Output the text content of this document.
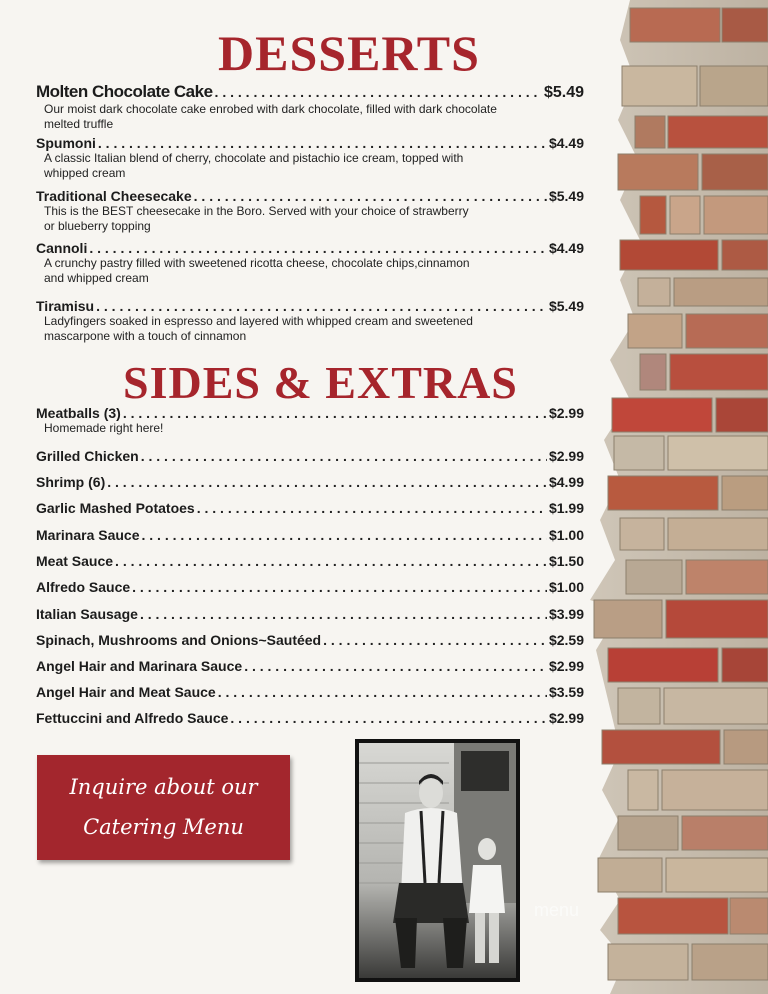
DESSERTS
Molten Chocolate Cake . . .	$5.49
Our moist dark chocolate cake enrobed with dark chocolate, filled with dark chocolate
melted truffle
Spumoni . . .	$4.49
A classic Italian blend of cherry, chocolate and pistachio ice cream, topped with
whipped cream
Traditional Cheesecake . . .	$5.49
This is the BEST cheesecake in the Boro. Served with your choice of strawberry
or blueberry topping
Cannoli . . .	$4.49
A crunchy pastry filled with sweetened ricotta cheese, chocolate chips,cinnamon
and whipped cream
Tiramisu . . .	$5.49
Ladyfingers soaked in espresso and layered with whipped cream and sweetened
mascarpone with a touch of cinnamon
SIDES & EXTRAS
Meatballs (3) . . .	$2.99
Homemade right here!
Grilled Chicken . . .	$2.99
Shrimp (6) . . .	$4.99
Garlic Mashed Potatoes . . .	$1.99
Marinara Sauce . . .	$1.00
Meat Sauce . . .	$1.50
Alfredo Sauce . . .	$1.00
Italian Sausage . . .	$3.99
Spinach, Mushrooms and Onions~Sautéed . . .	$2.59
Angel Hair and Marinara Sauce . . .	$2.99
Angel Hair and Meat Sauce . . .	$3.59
Fettuccini and Alfredo Sauce . . .	$2.99
Inquire about our
Catering Menu
menu
